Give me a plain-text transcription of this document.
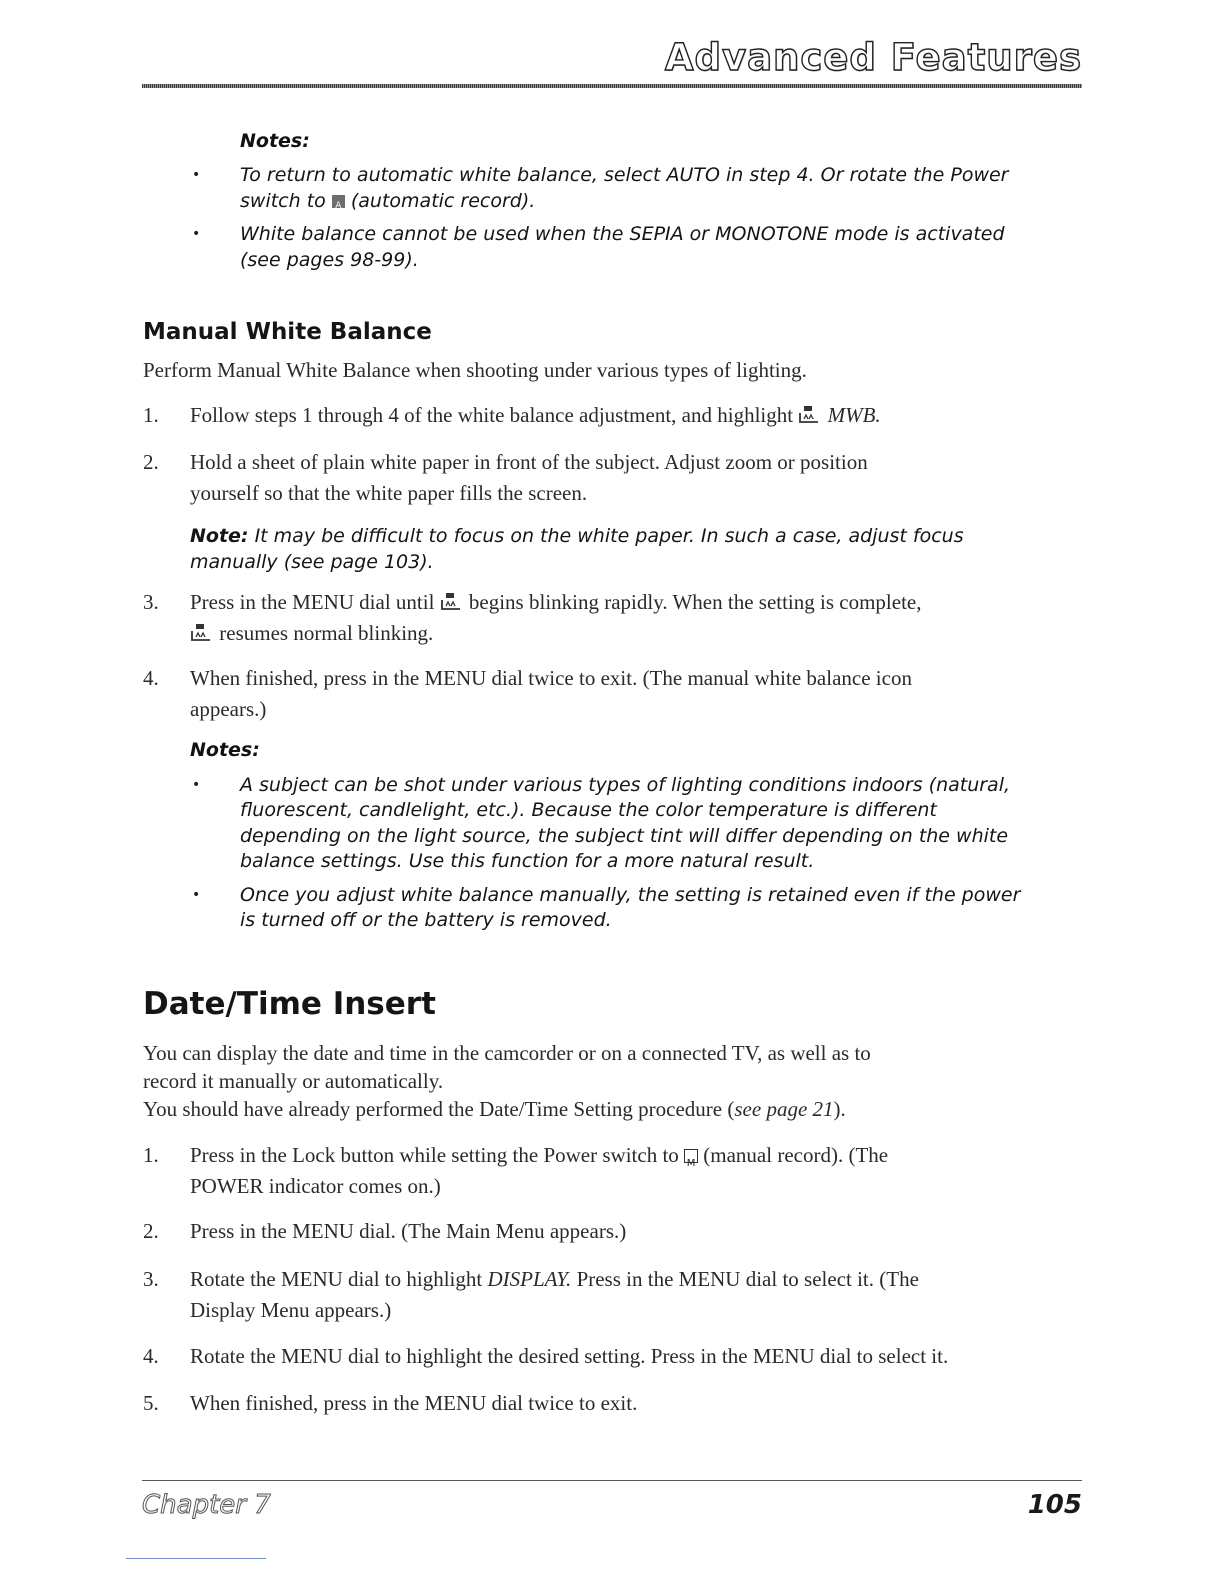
Advanced Features
Notes:
• To return to automatic white balance, select AUTO in step 4. Or rotate the Power
switch to	A (automatic record).
• White balance cannot be used when the SEPIA or MONOTONE mode is activated
(see pages 98-99).
Manual White Balance
Perform Manual White Balance when shooting under various types of lighting.
1. Follow steps 1 through 4 of the white balance adjustment, and highlight MWB.
2. Hold a sheet of plain white paper in front of the subject. Adjust zoom or position
yourself so that the white paper fills the screen.
Note: It may be difficult to focus on the white paper. In such a case, adjust focus
manually (see page 103).
3. Press in the MENU dial until begins blinking rapidly. When the setting is complete,
resumes normal blinking.
4. When finished, press in the MENU dial twice to exit. (The manual white balance icon
appears.)
Notes:
• A subject can be shot under various types of lighting conditions indoors (natural,
fluorescent, candlelight, etc.). Because the color temperature is different
depending on the light source, the subject tint will differ depending on the white
balance settings. Use this function for a more natural result.
• Once you adjust white balance manually, the setting is retained even if the power
is turned off or the battery is removed.
Date/Time Insert
You can display the date and time in the camcorder or on a connected TV, as well as to
record it manually or automatically.
You should have already performed the Date/Time Setting procedure (see page 21).
1. Press in the Lock button while setting the Power switch to M (manual record). (The
POWER indicator comes on.)
2. Press in the MENU dial. (The Main Menu appears.)
3. Rotate the MENU dial to highlight DISPLAY. Press in the MENU dial to select it. (The
Display Menu appears.)
4. Rotate the MENU dial to highlight the desired setting. Press in the MENU dial to select it.
5. When finished, press in the MENU dial twice to exit.
Chapter 7	105
